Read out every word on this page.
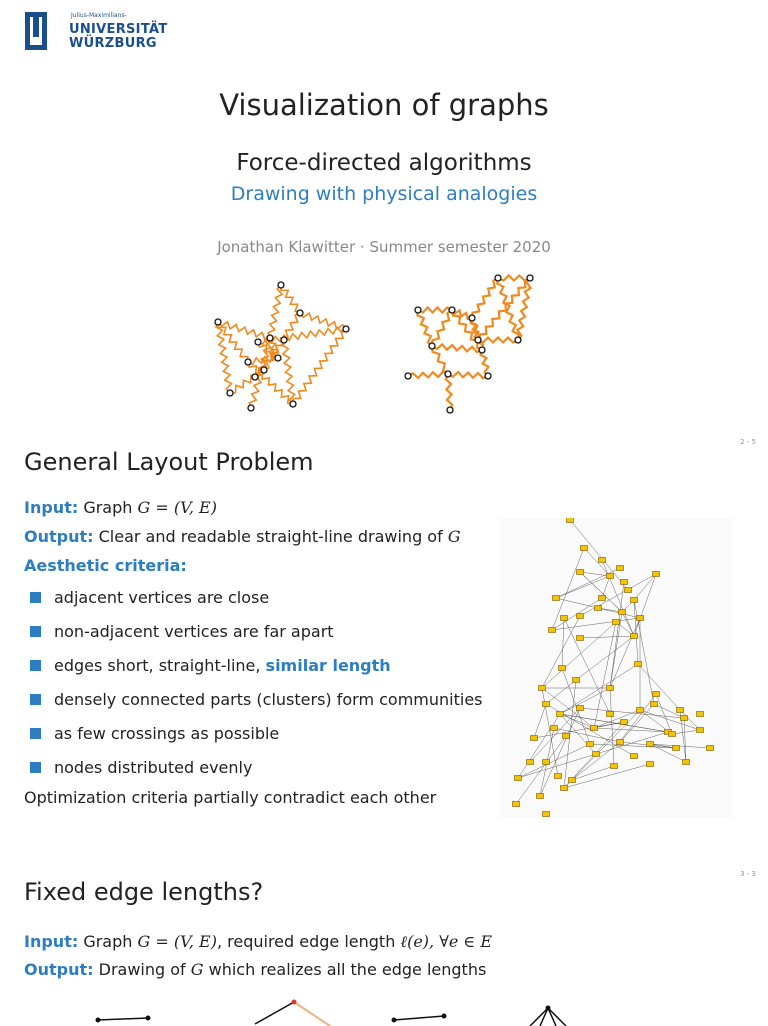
Julius-Maximilians-
UNIVERSITÄT
WÜRZBURG
Visualization of graphs
Force-directed algorithms
Drawing with physical analogies
Jonathan Klawitter · Summer semester 2020
2 - 5
General Layout Problem
Input: Graph G = (V, E)
Output: Clear and readable straight-line drawing of G
Aesthetic criteria:
adjacent vertices are close
non-adjacent vertices are far apart
edges short, straight-line, similar length
densely connected parts (clusters) form communities
as few crossings as possible
nodes distributed evenly
Optimization criteria partially contradict each other
3 - 3
Fixed edge lengths?
Input: Graph G = (V, E), required edge length ℓ(e), ∀e ∈ E
Output: Drawing of G which realizes all the edge lengths
